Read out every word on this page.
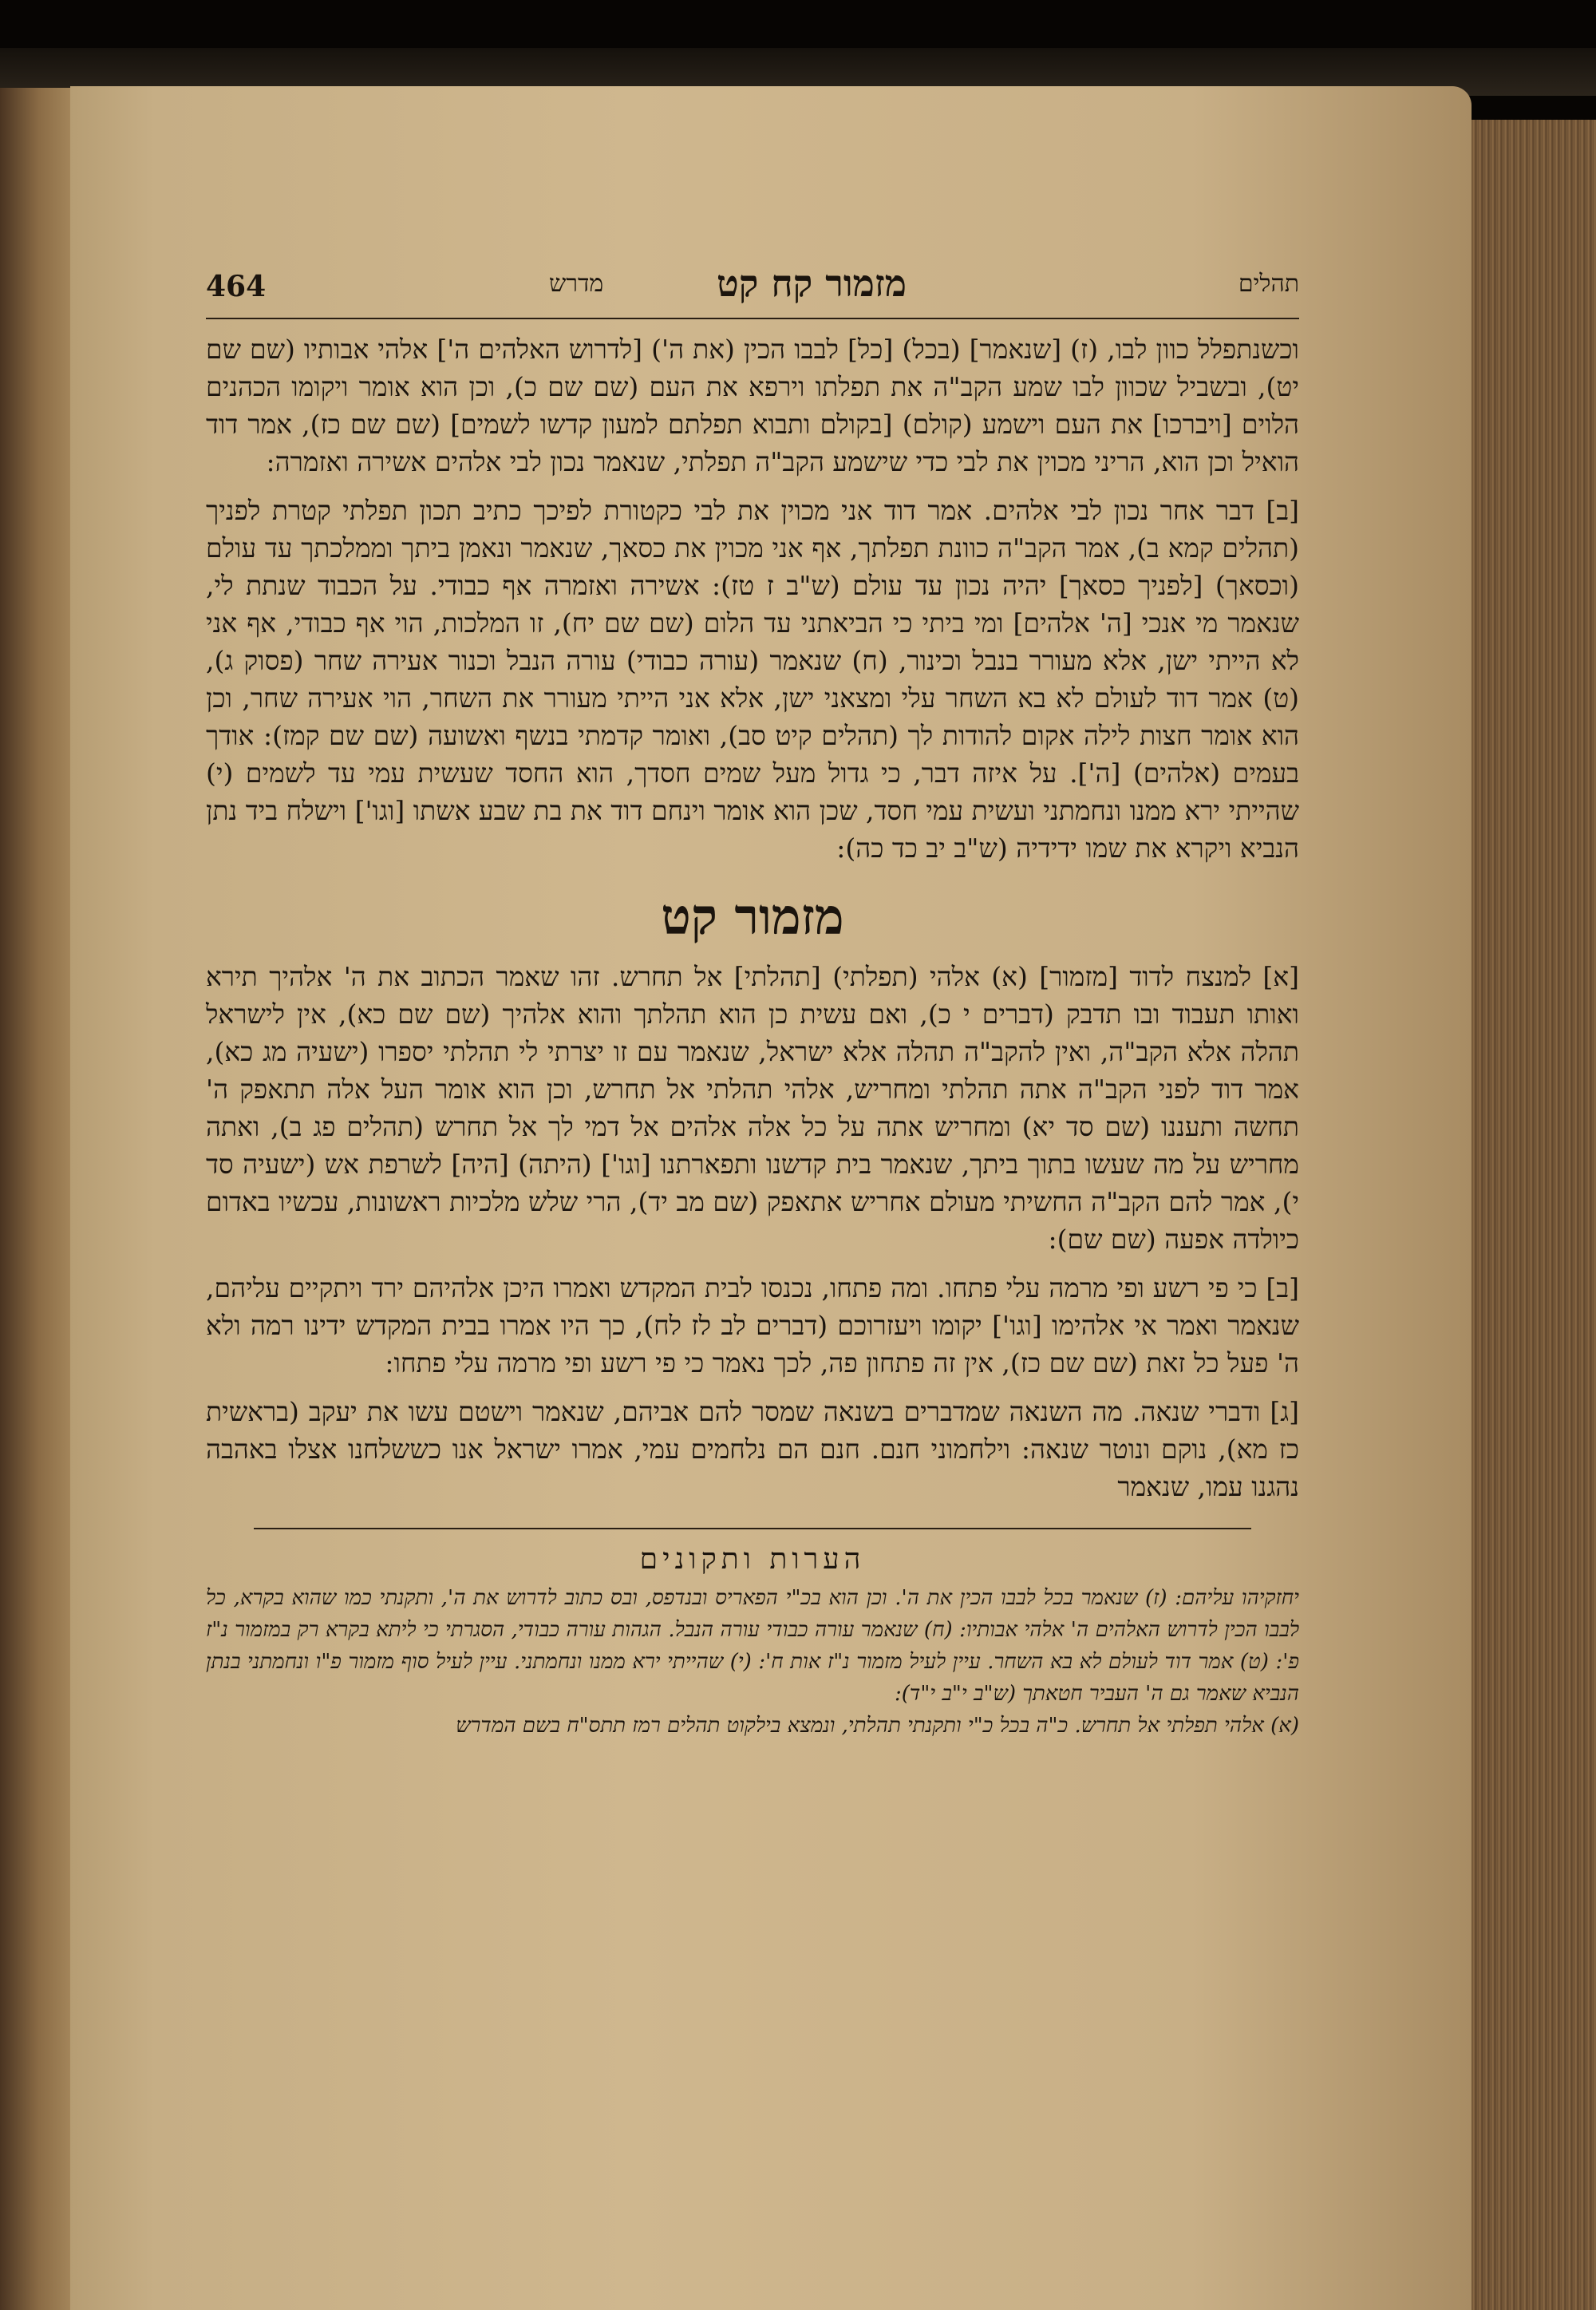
464	מדרש	מזמור קח קט	תהלים

וכשנתפלל כוון לבו, (ז) [שנאמר] (בכל) [כל] לבבו הכין (את ה') [לדרוש האלהים ה'] אלהי אבותיו (שם שם יט), ובשביל שכוון לבו שמע הקב"ה את תפלתו וירפא את העם (שם שם כ), וכן הוא אומר ויקומו הכהנים הלוים [ויברכו] את העם וישמע (קולם) [בקולם ותבוא תפלתם למעון קדשו לשמים] (שם שם כז), אמר דוד הואיל וכן הוא, הריני מכוין את לבי כדי שישמע הקב"ה תפלתי, שנאמר נכון לבי אלהים אשירה ואזמרה:

[ב] דבר אחר נכון לבי אלהים. אמר דוד אני מכוין את לבי כקטורת לפיכך כתיב תכון תפלתי קטרת לפניך (תהלים קמא ב), אמר הקב"ה כוונת תפלתך, אף אני מכוין את כסאך, שנאמר ונאמן ביתך וממלכתך עד עולם (וכסאך) [לפניך כסאך] יהיה נכון עד עולם (ש"ב ז טז): אשירה ואזמרה אף כבודי. על הכבוד שנתת לי, שנאמר מי אנכי [ה' אלהים] ומי ביתי כי הביאתני עד הלום (שם שם יח), זו המלכות, הוי אף כבודי, אף אני לא הייתי ישן, אלא מעורר בנבל וכינור, (ח) שנאמר (עורה כבודי) עורה הנבל וכנור אעירה שחר (פסוק ג), (ט) אמר דוד לעולם לא בא השחר עלי ומצאני ישן, אלא אני הייתי מעורר את השחר, הוי אעירה שחר, וכן הוא אומר חצות לילה אקום להודות לך (תהלים קיט סב), ואומר קדמתי בנשף ואשועה (שם שם קמז): אודך בעמים (אלהים) [ה']. על איזה דבר, כי גדול מעל שמים חסדך, הוא החסד שעשית עמי עד לשמים (י) שהייתי ירא ממנו ונחמתני ועשית עמי חסד, שכן הוא אומר וינחם דוד את בת שבע אשתו [וגו'] וישלח ביד נתן הנביא ויקרא את שמו ידידיה (ש"ב יב כד כה):

מזמור קט

[א] למנצח לדוד [מזמור] (א) אלהי (תפלתי) [תהלתי] אל תחרש. זהו שאמר הכתוב את ה' אלהיך תירא ואותו תעבוד ובו תדבק (דברים י כ), ואם עשית כן הוא תהלתך והוא אלהיך (שם שם כא), אין לישראל תהלה אלא הקב"ה, ואין להקב"ה תהלה אלא ישראל, שנאמר עם זו יצרתי לי תהלתי יספרו (ישעיה מג כא), אמר דוד לפני הקב"ה אתה תהלתי ומחריש, אלהי תהלתי אל תחרש, וכן הוא אומר העל אלה תתאפק ה' תחשה ותעננו (שם סד יא) ומחריש אתה על כל אלה אלהים אל דמי לך אל תחרש (תהלים פג ב), ואתה מחריש על מה שעשו בתוך ביתך, שנאמר בית קדשנו ותפארתנו [וגו'] (היתה) [היה] לשרפת אש (ישעיה סד י), אמר להם הקב"ה החשיתי מעולם אחריש אתאפק (שם מב יד), הרי שלש מלכיות ראשונות, עכשיו באדום כיולדה אפעה (שם שם):

[ב] כי פי רשע ופי מרמה עלי פתחו. ומה פתחו, נכנסו לבית המקדש ואמרו היכן אלהיהם ירד ויתקיים עליהם, שנאמר ואמר אי אלהימו [וגו'] יקומו ויעזרוכם (דברים לב לז לח), כך היו אמרו בבית המקדש ידינו רמה ולא ה' פעל כל זאת (שם שם כז), אין זה פתחון פה, לכך נאמר כי פי רשע ופי מרמה עלי פתחו:

[ג] ודברי שנאה. מה השנאה שמדברים בשנאה שמסר להם אביהם, שנאמר וישטם עשו את יעקב (בראשית כז מא), נוקם ונוטר שנאה: וילחמוני חנם. חנם הם נלחמים עמי, אמרו ישראל אנו כששלחנו אצלו באהבה נהגנו עמו, שנאמר

הערות ותקונים

יחזקיהו עליהם: (ז) שנאמר בכל לבבו הכין את ה'. וכן הוא בכ"י הפאריס ובנדפס, ובס כתוב לדרוש את ה', ותקנתי כמו שהוא בקרא, כל לבבו הכין לדרוש האלהים ה' אלהי אבותיו: (ח) שנאמר עורה כבודי עורה הנבל. הגהות עורה כבודי, הסגרתי כי ליתא בקרא רק במזמור נ"ז פ': (ט) אמר דוד לעולם לא בא השחר. עיין לעיל מזמור נ"ז אות ח': (י) שהייתי ירא ממנו ונחמתני. עיין לעיל סוף מזמור פ"ו ונחמתני בנתן הנביא שאמר גם ה' העביר חטאתך (ש"ב י"ב י"ד):

(א) אלהי תפלתי אל תחרש. כ"ה בכל כ"י ותקנתי תהלתי, ונמצא בילקוט תהלים רמז תתס"ח בשם המדרש
